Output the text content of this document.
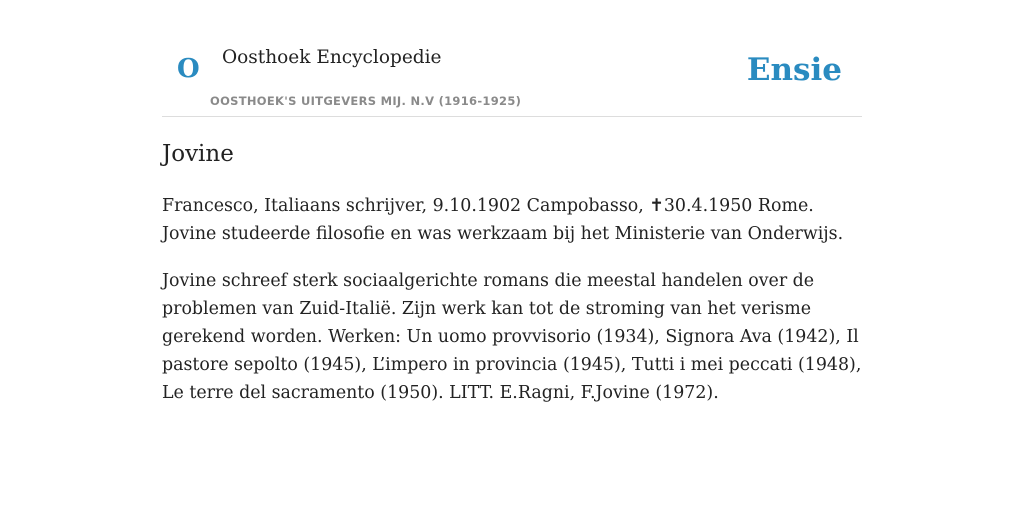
O Oosthoek Encyclopedie
OOSTHOEK'S UITGEVERS MIJ. N.V (1916-1925)
Ensie
Jovine

Francesco, Italiaans schrijver, 9.10.1902 Campobasso, ✝30.4.1950 Rome. Jovine studeerde filosofie en was werkzaam bij het Ministerie van Onderwijs.

Jovine schreef sterk sociaalgerichte romans die meestal handelen over de problemen van Zuid-Italië. Zijn werk kan tot de stroming van het verisme gerekend worden. Werken: Un uomo provvisorio (1934), Signora Ava (1942), Il pastore sepolto (1945), L’impero in provincia (1945), Tutti i mei peccati (1948), Le terre del sacramento (1950). LITT. E.Ragni, F.Jovine (1972).
